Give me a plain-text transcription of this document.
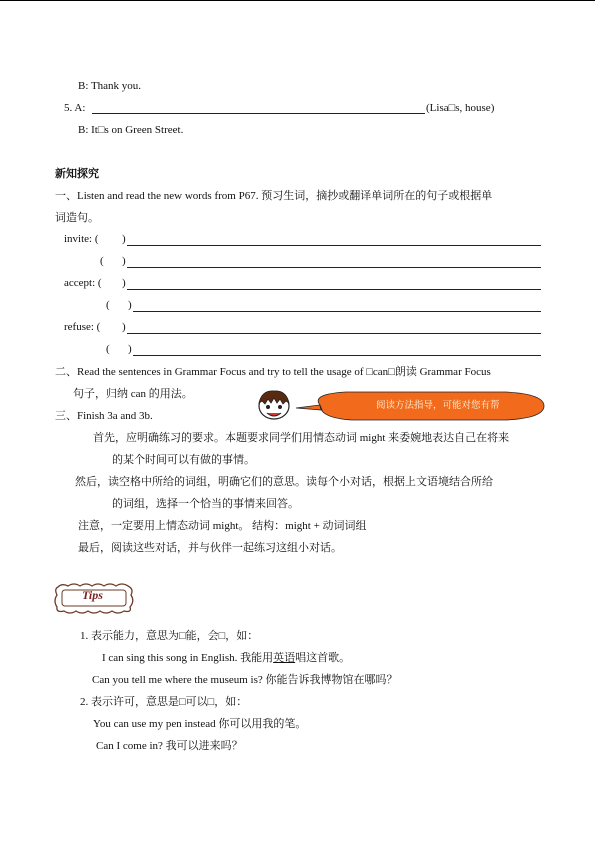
B: Thank you.
5. A:	(Lisa□s, house)
B: It□s on Green Street.
新知探究
一、Listen and read the new words from P67. 预习生词，摘抄或翻译单词所在的句子或根据单
词造句。
invite: ( )
( )
accept: ( )
( )
refuse: ( )
( )
二、Read the sentences in Grammar Focus and try to tell the usage of □can□朗读 Grammar Focus
句子，归纳 can 的用法。
三、Finish 3a and 3b.
阅读方法指导，可能对您有帮
首先，应明确练习的要求。本题要求同学们用情态动词 might 来委婉地表达自己在将来
的某个时间可以有做的事情。
然后，读空格中所给的词组，明确它们的意思。读每个小对话，根据上文语境结合所给
的词组，选择一个恰当的事情来回答。
注意，一定要用上情态动词 might。 结构：might + 动词词组
最后，阅读这些对话，并与伙伴一起练习这组小对话。
Tips
1. 表示能力，意思为□能，会□，如：
I can sing this song in English. 我能用英语唱这首歌。
Can you tell me where the museum is? 你能告诉我博物馆在哪吗？
2. 表示许可，意思是□可以□，如：
You can use my pen instead 你可以用我的笔。
Can I come in? 我可以进来吗？
